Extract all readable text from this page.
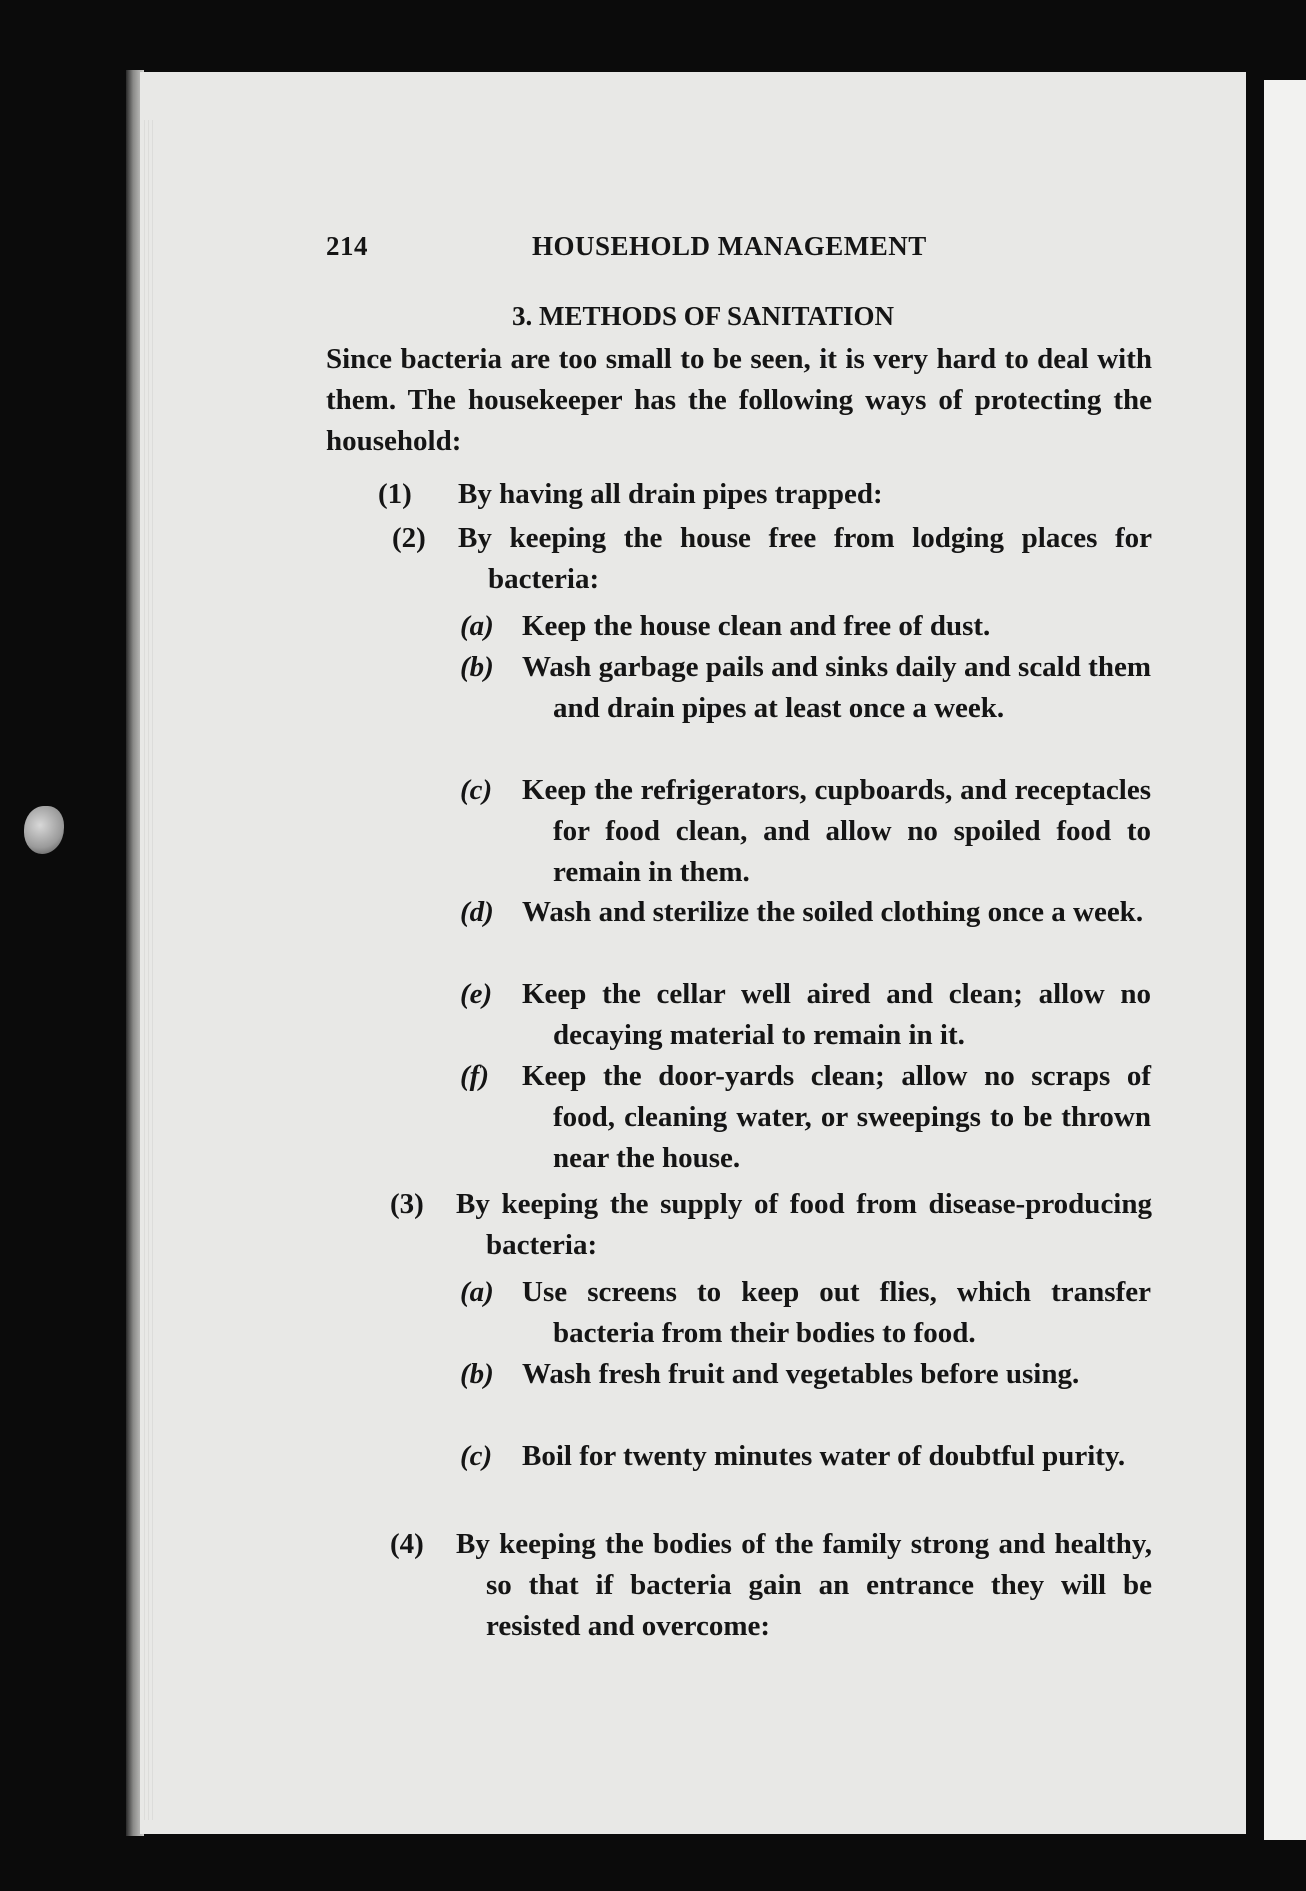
214	HOUSEHOLD MANAGEMENT
3. METHODS OF SANITATION
Since bacteria are too small to be seen, it is very hard to deal with them. The housekeeper has the following ways of protecting the household:
(1) By having all drain pipes trapped:
(2) By keeping the house free from lodging places for bacteria:
(a) Keep the house clean and free of dust.
(b) Wash garbage pails and sinks daily and scald them and drain pipes at least once a week.
(c) Keep the refrigerators, cupboards, and receptacles for food clean, and allow no spoiled food to remain in them.
(d) Wash and sterilize the soiled clothing once a week.
(e) Keep the cellar well aired and clean; allow no decaying material to remain in it.
(f) Keep the door-yards clean; allow no scraps of food, cleaning water, or sweepings to be thrown near the house.
(3) By keeping the supply of food from disease-producing bacteria:
(a) Use screens to keep out flies, which transfer bacteria from their bodies to food.
(b) Wash fresh fruit and vegetables before using.
(c) Boil for twenty minutes water of doubtful purity.
(4) By keeping the bodies of the family strong and healthy, so that if bacteria gain an entrance they will be resisted and overcome:
